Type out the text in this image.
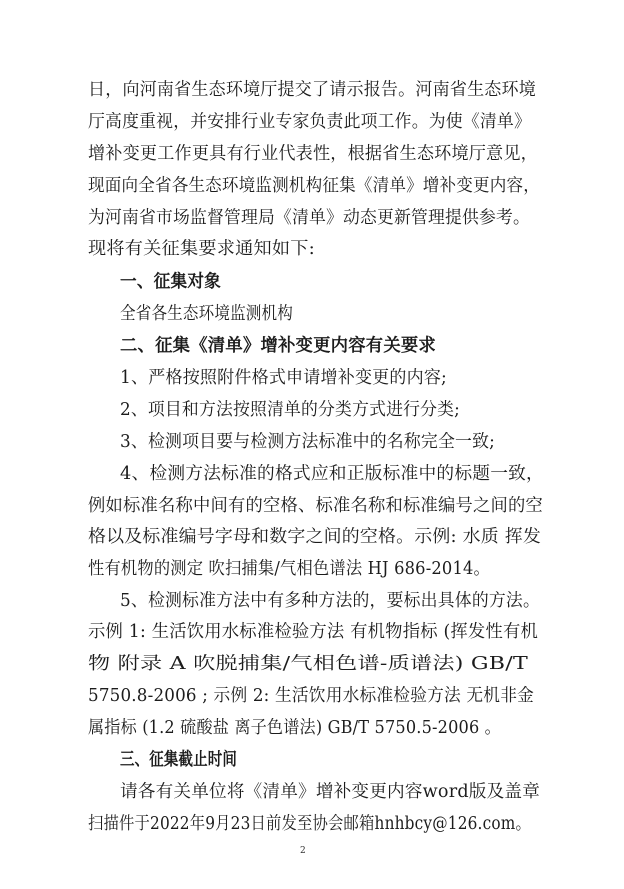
日，向河南省生态环境厅提交了请示报告。河南省生态环境
厅高度重视，并安排行业专家负责此项工作。为使《清单》
增补变更工作更具有行业代表性，根据省生态环境厅意见，
现面向全省各生态环境监测机构征集《清单》增补变更内容，
为河南省市场监督管理局《清单》动态更新管理提供参考。
现将有关征集要求通知如下:
一、征集对象
全省各生态环境监测机构
二、征集《清单》增补变更内容有关要求
1、严格按照附件格式申请增补变更的内容;
2、项目和方法按照清单的分类方式进行分类;
3、检测项目要与检测方法标准中的名称完全一致;
4、检测方法标准的格式应和正版标准中的标题一致，
例如标准名称中间有的空格、标准名称和标准编号之间的空
格以及标准编号字母和数字之间的空格。示例: 水质 挥发
性有机物的测定 吹扫捕集/气相色谱法 HJ 686-2014。
5、检测标准方法中有多种方法的，要标出具体的方法。
示例 1: 生活饮用水标准检验方法 有机物指标 (挥发性有机
物 附录 A 吹脱捕集/气相色谱-质谱法) GB/T
5750.8-2006 ; 示例 2: 生活饮用水标准检验方法 无机非金
属指标 (1.2 硫酸盐 离子色谱法) GB/T 5750.5-2006 。
三、征集截止时间
请各有关单位将《清单》增补变更内容word版及盖章
扫描件于2022年9月23日前发至协会邮箱hnhbcy@126.com。
2
